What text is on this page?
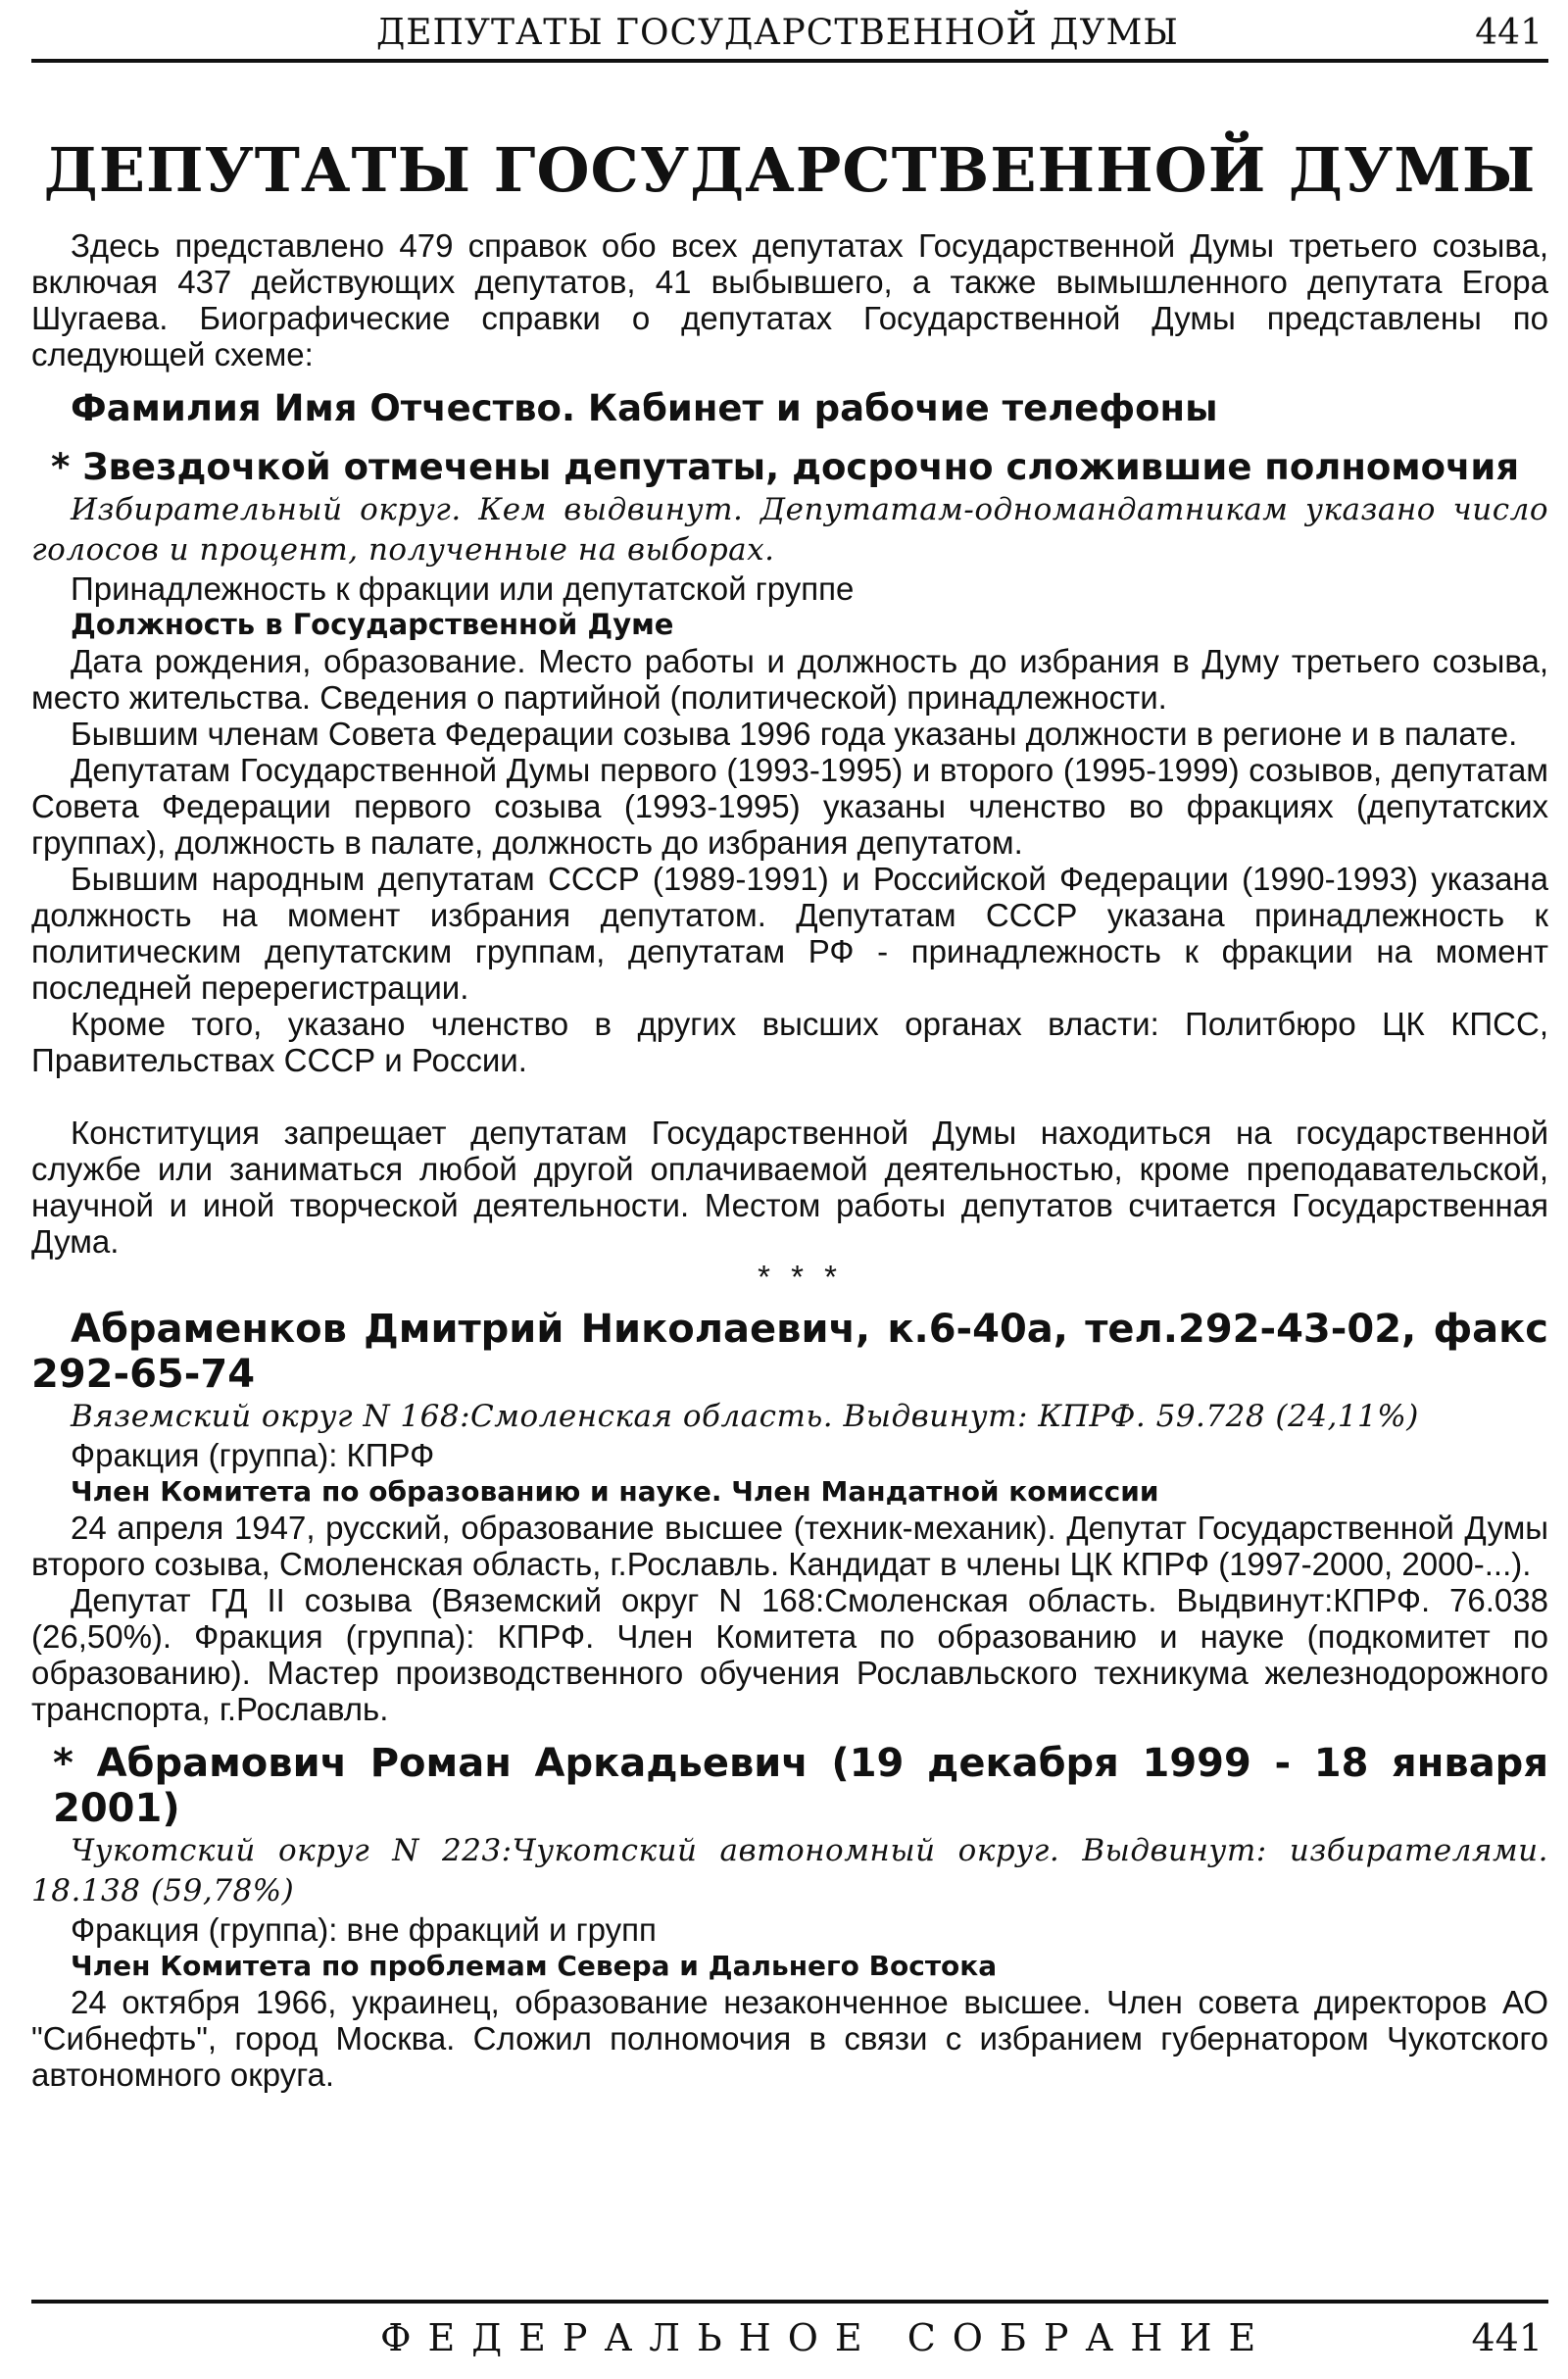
ДЕПУТАТЫ ГОСУДАРСТВЕННОЙ ДУМЫ	441
ДЕПУТАТЫ ГОСУДАРСТВЕННОЙ ДУМЫ

Здесь представлено 479 справок обо всех депутатах Государственной Думы третьего созыва, включая 437 действующих депутатов, 41 выбывшего, а также вымышленного депутата Егора Шугаева. Биографические справки о депутатах Государственной Думы представлены по следующей схеме:

Фамилия Имя Отчество. Кабинет и рабочие телефоны
* Звездочкой отмечены депутаты, досрочно сложившие полномочия

Избирательный округ. Кем выдвинут. Депутатам-одномандатникам указано число голосов и процент, полученные на выборах.

Принадлежность к фракции или депутатской группе

Должность в Государственной Думе

Дата рождения, образование. Место работы и должность до избрания в Думу третьего созыва, место жительства. Сведения о партийной (политической) принадлежности.

Бывшим членам Совета Федерации созыва 1996 года указаны должности в регионе и в палате.

Депутатам Государственной Думы первого (1993-1995) и второго (1995-1999) созывов, депутатам Совета Федерации первого созыва (1993-1995) указаны членство во фракциях (депутатских группах), должность в палате, должность до избрания депутатом.

Бывшим народным депутатам СССР (1989-1991) и Российской Федерации (1990-1993) указана должность на момент избрания депутатом. Депутатам СССР указана принадлежность к политическим депутатским группам, депутатам РФ - принадлежность к фракции на момент последней перерегистрации.

Кроме того, указано членство в других высших органах власти: Политбюро ЦК КПСС, Правительствах СССР и России.

Конституция запрещает депутатам Государственной Думы находиться на государственной службе или заниматься любой другой оплачиваемой деятельностью, кроме преподавательской, научной и иной творческой деятельности. Местом работы депутатов считается Государственная Дума.

* * *
Абраменков Дмитрий Николаевич, к.6-40а, тел.292-43-02, факс 292-65-74

Вяземский округ N 168:Смоленская область. Выдвинут: КПРФ. 59.728 (24,11%)

Фракция (группа): КПРФ

Член Комитета по образованию и науке. Член Мандатной комиссии

24 апреля 1947, русский, образование высшее (техник-механик). Депутат Государственной Думы второго созыва, Смоленская область, г.Рославль. Кандидат в члены ЦК КПРФ (1997-2000, 2000-...).

Депутат ГД II созыва (Вяземский округ N 168:Смоленская область. Выдвинут:КПРФ. 76.038 (26,50%). Фракция (группа): КПРФ. Член Комитета по образованию и науке (подкомитет по образованию). Мастер производственного обучения Рославльского техникума железнодорожного транспорта, г.Рославль.

* Абрамович Роман Аркадьевич (19 декабря 1999 - 18 января 2001)

Чукотский округ N 223:Чукотский автономный округ. Выдвинут: избирателями. 18.138 (59,78%)

Фракция (группа): вне фракций и групп

Член Комитета по проблемам Севера и Дальнего Востока

24 октября 1966, украинец, образование незаконченное высшее. Член совета директоров АО "Сибнефть", город Москва. Сложил полномочия в связи с избранием губернатором Чукотского автономного округа.

ФЕДЕРАЛЬНОЕ СОБРАНИЕ	441
